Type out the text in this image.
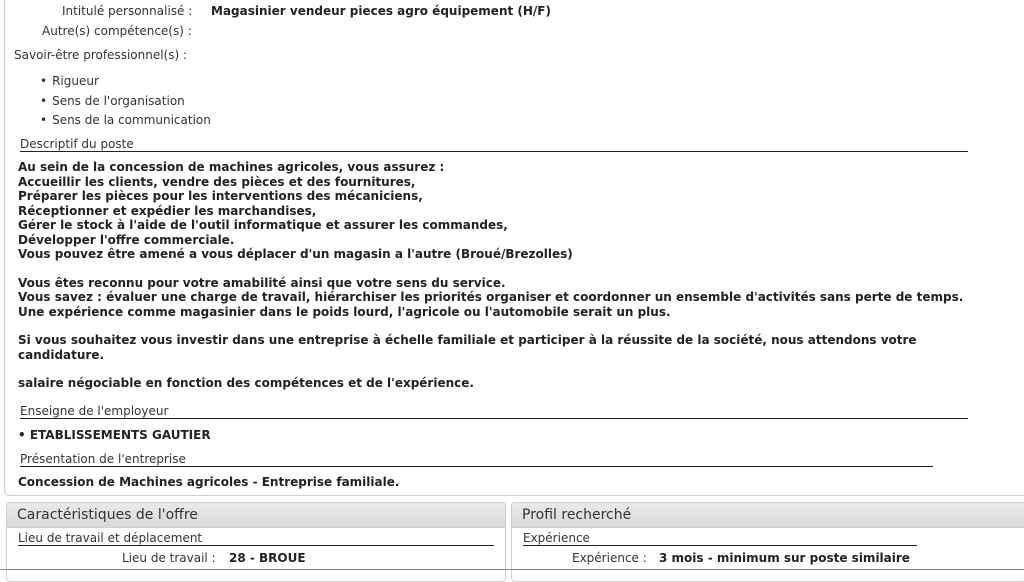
Intitulé personnalisé : Magasinier vendeur pieces agro équipement (H/F)
Autre(s) compétence(s) :
Savoir-être professionnel(s) :
• Rigueur
• Sens de l'organisation
• Sens de la communication
Descriptif du poste

Au sein de la concession de machines agricoles, vous assurez :

Accueillir les clients, vendre des pièces et des fournitures,

Préparer les pièces pour les interventions des mécaniciens,

Réceptionner et expédier les marchandises,

Gérer le stock à l'aide de l'outil informatique et assurer les commandes,

Développer l'offre commerciale.

Vous pouvez être amené a vous déplacer d'un magasin a l'autre (Broué/Brezolles)

Vous êtes reconnu pour votre amabilité ainsi que votre sens du service.

Vous savez : évaluer une charge de travail, hiérarchiser les priorités organiser et coordonner un ensemble d'activités sans perte de temps.

Une expérience comme magasinier dans le poids lourd, l'agricole ou l'automobile serait un plus.

Si vous souhaitez vous investir dans une entreprise à échelle familiale et participer à la réussite de la société, nous attendons votre candidature.

salaire négociable en fonction des compétences et de l'expérience.

Enseigne de l'employeur
• ETABLISSEMENTS GAUTIER
Présentation de l'entreprise
Concession de Machines agricoles - Entreprise familiale.
Caractéristiques de l'offre
Lieu de travail et déplacement
Lieu de travail : 28 - BROUE
Profil recherché
Expérience
Expérience : 3 mois - minimum sur poste similaire
